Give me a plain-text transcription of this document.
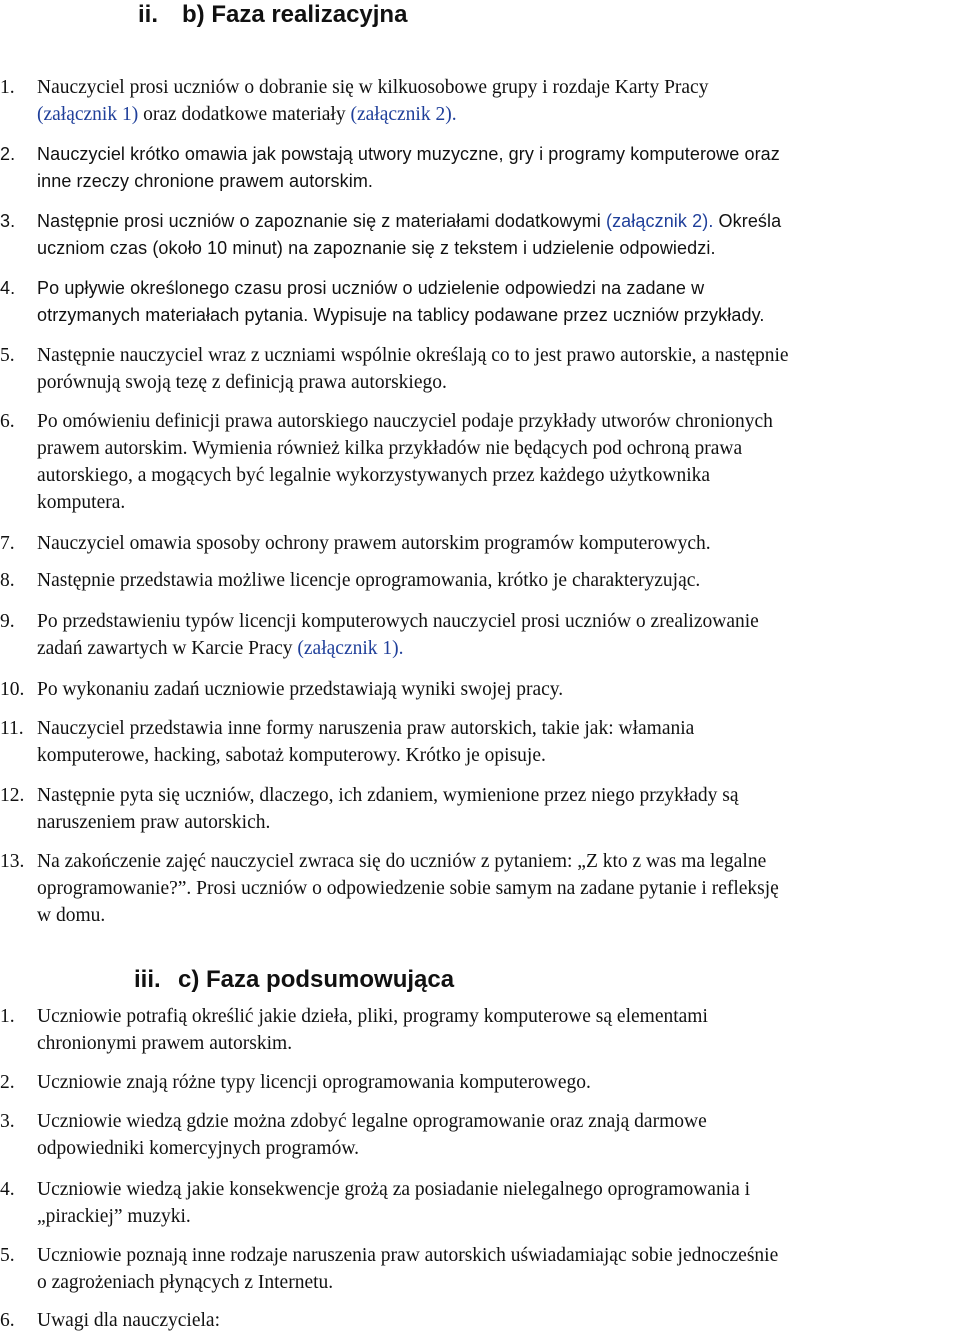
ii. b) Faza realizacyjna
1. Nauczyciel prosi uczniów o dobranie się w kilkuosobowe grupy i rozdaje Karty Pracy
(załącznik 1) oraz dodatkowe materiały (załącznik 2).
2. Nauczyciel krótko omawia jak powstają utwory muzyczne, gry i programy komputerowe oraz
inne rzeczy chronione prawem autorskim.
3. Następnie prosi uczniów o zapoznanie się z materiałami dodatkowymi (załącznik 2). Określa
uczniom czas (około 10 minut) na zapoznanie się z tekstem i udzielenie odpowiedzi.
4. Po upływie określonego czasu prosi uczniów o udzielenie odpowiedzi na zadane w
otrzymanych materiałach pytania. Wypisuje na tablicy podawane przez uczniów przykłady.
5. Następnie nauczyciel wraz z uczniami wspólnie określają co to jest prawo autorskie, a następnie
porównują swoją tezę z definicją prawa autorskiego.
6. Po omówieniu definicji prawa autorskiego nauczyciel podaje przykłady utworów chronionych
prawem autorskim. Wymienia również kilka przykładów nie będących pod ochroną prawa
autorskiego, a mogących być legalnie wykorzystywanych przez każdego użytkownika
komputera.
7. Nauczyciel omawia sposoby ochrony prawem autorskim programów komputerowych.
8. Następnie przedstawia możliwe licencje oprogramowania, krótko je charakteryzując.
9. Po przedstawieniu typów licencji komputerowych nauczyciel prosi uczniów o zrealizowanie
zadań zawartych w Karcie Pracy (załącznik 1).
10. Po wykonaniu zadań uczniowie przedstawiają wyniki swojej pracy.
11. Nauczyciel przedstawia inne formy naruszenia praw autorskich, takie jak: włamania
komputerowe, hacking, sabotaż komputerowy. Krótko je opisuje.
12. Następnie pyta się uczniów, dlaczego, ich zdaniem, wymienione przez niego przykłady są
naruszeniem praw autorskich.
13. Na zakończenie zajęć nauczyciel zwraca się do uczniów z pytaniem: „Z kto z was ma legalne
oprogramowanie?”. Prosi uczniów o odpowiedzenie sobie samym na zadane pytanie i refleksję
w domu.
iii. c) Faza podsumowująca
1. Uczniowie potrafią określić jakie dzieła, pliki, programy komputerowe są elementami
chronionymi prawem autorskim.
2. Uczniowie znają różne typy licencji oprogramowania komputerowego.
3. Uczniowie wiedzą gdzie można zdobyć legalne oprogramowanie oraz znają darmowe
odpowiedniki komercyjnych programów.
4. Uczniowie wiedzą jakie konsekwencje grożą za posiadanie nielegalnego oprogramowania i
„pirackiej” muzyki.
5. Uczniowie poznają inne rodzaje naruszenia praw autorskich uświadamiając sobie jednocześnie
o zagrożeniach płynących z Internetu.
6. Uwagi dla nauczyciela:
